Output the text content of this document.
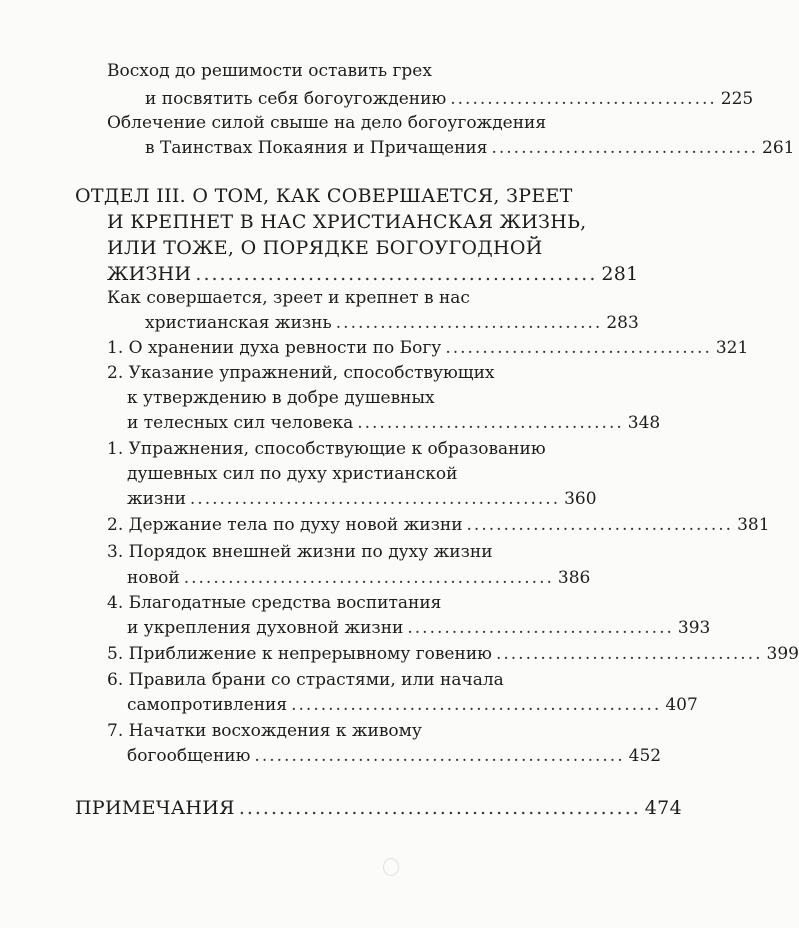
Восход до решимости оставить грех
и посвятить себя богоугождению .................................... 225
Облечение силой свыше на дело богоугождения
в Таинствах Покаяния и Причащения .................................... 261
ОТДЕЛ III. О ТОМ, КАК СОВЕРШАЕТСЯ, ЗРЕЕТ
И КРЕПНЕТ В НАС ХРИСТИАНСКАЯ ЖИЗНЬ,
ИЛИ ТОЖЕ, О ПОРЯДКЕ БОГОУГОДНОЙ
ЖИЗНИ .................................................. 281
Как совершается, зреет и крепнет в нас
христианская жизнь .................................... 283
1. О хранении духа ревности по Богу .................................... 321
2. Указание упражнений, способствующих
к утверждению в добре душевных
и телесных сил человека .................................... 348
1. Упражнения, способствующие к образованию
душевных сил по духу христианской
жизни .................................................. 360
2. Держание тела по духу новой жизни .................................... 381
3. Порядок внешней жизни по духу жизни
новой .................................................. 386
4. Благодатные средства воспитания
и укрепления духовной жизни .................................... 393
5. Приближение к непрерывному говению .................................... 399
6. Правила брани со страстями, или начала
самопротивления .................................................. 407
7. Начатки восхождения к живому
богообщению .................................................. 452
ПРИМЕЧАНИЯ .................................................. 474
